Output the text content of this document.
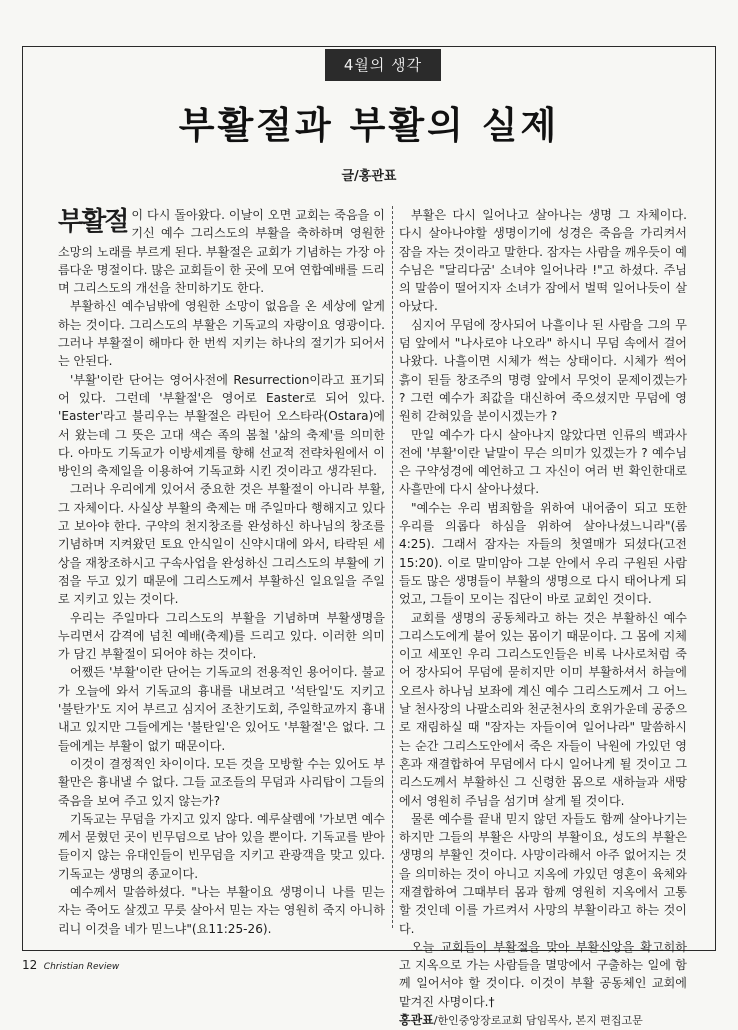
4월의 생각
부활절과 부활의 실제
글/홍관표

부활절 이 다시 돌아왔다. 이날이 오면 교회는 죽음을 이기신 예수 그리스도의 부활을 축하하며 영원한 소망의 노래를 부르게 된다. 부활절은 교회가 기념하는 가장 아름다운 명절이다. 많은 교회들이 한 곳에 모여 연합예배를 드리며 그리스도의 개선을 찬미하기도 한다.

부활하신 예수님밖에 영원한 소망이 없음을 온 세상에 알게 하는 것이다. 그리스도의 부활은 기독교의 자랑이요 영광이다. 그러나 부활절이 해마다 한 번씩 지키는 하나의 절기가 되어서는 안된다.

'부활'이란 단어는 영어사전에 Resurrection이라고 표기되어 있다. 그런데 '부활절'은 영어로 Easter로 되어 있다. 'Easter'라고 불리우는 부활절은 라틴어 오스타라(Ostara)에서 왔는데 그 뜻은 고대 색슨 족의 봄철 '삶의 축제'를 의미한다. 아마도 기독교가 이방세계를 향해 선교적 전략차원에서 이방인의 축제일을 이용하여 기독교화 시킨 것이라고 생각된다.

그러나 우리에게 있어서 중요한 것은 부활절이 아니라 부활, 그 자체이다. 사실상 부활의 축제는 매 주일마다 행해지고 있다고 보아야 한다. 구약의 천지창조를 완성하신 하나님의 창조를 기념하며 지켜왔던 토요 안식일이 신약시대에 와서, 타락된 세상을 재창조하시고 구속사업을 완성하신 그리스도의 부활에 기점을 두고 있기 때문에 그리스도께서 부활하신 일요일을 주일로 지키고 있는 것이다.

우리는 주일마다 그리스도의 부활을 기념하며 부활생명을 누리면서 감격에 넘친 예배(축제)를 드리고 있다. 이러한 의미가 담긴 부활절이 되어야 하는 것이다.

어쨌든 '부활'이란 단어는 기독교의 전용적인 용어이다. 불교가 오늘에 와서 기독교의 흉내를 내보려고 '석탄일'도 지키고 '불탄가'도 지어 부르고 심지어 조찬기도회, 주일학교까지 흉내내고 있지만 그들에게는 '불탄일'은 있어도 '부활절'은 없다. 그들에게는 부활이 없기 때문이다.

이것이 결정적인 차이이다. 모든 것을 모방할 수는 있어도 부활만은 흉내낼 수 없다. 그들 교조들의 무덤과 사리탑이 그들의 죽음을 보여 주고 있지 않는가?

기독교는 무덤을 가지고 있지 않다. 예루살렘에 '가보면 예수께서 묻혔던 곳이 빈무덤으로 남아 있을 뿐이다. 기독교를 받아들이지 않는 유대인들이 빈무덤을 지키고 관광객을 맞고 있다. 기독교는 생명의 종교이다.

예수께서 말씀하셨다. "나는 부활이요 생명이니 나를 믿는 자는 죽어도 살겠고 무릇 살아서 믿는 자는 영원히 죽지 아니하리니 이것을 네가 믿느냐"(요11:25-26).

부활은 다시 일어나고 살아나는 생명 그 자체이다. 다시 살아나야할 생명이기에 성경은 죽음을 가리켜서 잠을 자는 것이라고 말한다. 잠자는 사람을 깨우듯이 예수님은 "달리다굼' 소녀야 일어나라 !"고 하셨다. 주님의 말씀이 떨어지자 소녀가 잠에서 벌떡 일어나듯이 살아났다.

심지어 무덤에 장사되어 나흘이나 된 사람을 그의 무덤 앞에서 "나사로야 나오라" 하시니 무덤 속에서 걸어 나왔다. 나흘이면 시체가 썩는 상태이다. 시체가 썩어 흙이 된들 창조주의 명령 앞에서 무엇이 문제이겠는가 ? 그런 예수가 죄값을 대신하여 죽으셨지만 무덤에 영원히 갇혀있을 분이시겠는가 ?

만일 예수가 다시 살아나지 않았다면 인류의 백과사전에 '부활'이란 낱말이 무슨 의미가 있겠는가 ? 예수님은 구약성경에 예언하고 그 자신이 여러 번 확인한대로 사흘만에 다시 살아나셨다.

"예수는 우리 범죄함을 위하여 내어줌이 되고 또한 우리를 의롭다 하심을 위하여 살아나셨느니라"(롬4:25). 그래서 잠자는 자들의 첫열매가 되셨다(고전15:20). 이로 말미암아 그분 안에서 우리 구원된 사람들도 많은 생명들이 부활의 생명으로 다시 태어나게 되었고, 그들이 모이는 집단이 바로 교회인 것이다.

교회를 생명의 공동체라고 하는 것은 부활하신 예수 그리스도에게 붙어 있는 몸이기 때문이다. 그 몸에 지체이고 세포인 우리 그리스도인들은 비록 나사로처럼 죽어 장사되어 무덤에 묻히지만 이미 부활하셔서 하늘에 오르사 하나님 보좌에 계신 예수 그리스도께서 그 어느날 천사장의 나팔소리와 천군천사의 호위가운데 공중으로 재림하실 때 "잠자는 자들이여 일어나라" 말씀하시는 순간 그리스도안에서 죽은 자들이 낙원에 가있던 영혼과 재결합하여 무덤에서 다시 일어나게 될 것이고 그리스도께서 부활하신 그 신령한 몸으로 새하늘과 새땅에서 영원히 주님을 섬기며 살게 될 것이다.

물론 예수를 끝내 믿지 않던 자들도 함께 살아나기는 하지만 그들의 부활은 사망의 부활이요, 성도의 부활은 생명의 부활인 것이다. 사망이라해서 아주 없어지는 것을 의미하는 것이 아니고 지옥에 가있던 영혼이 육체와 재결합하여 그때부터 몸과 함께 영원히 지옥에서 고통할 것인데 이를 가르켜서 사망의 부활이라고 하는 것이다.

오늘 교회들이 부활절을 맞아 부활신앙을 확고히하고 지옥으로 가는 사람들을 멸망에서 구출하는 일에 함께 일어서야 할 것이다. 이것이 부활 공동체인 교회에 맡겨진 사명이다.†

홍관표/한인중앙장로교회 담임목사, 본지 편집고문

12 Christian Review
